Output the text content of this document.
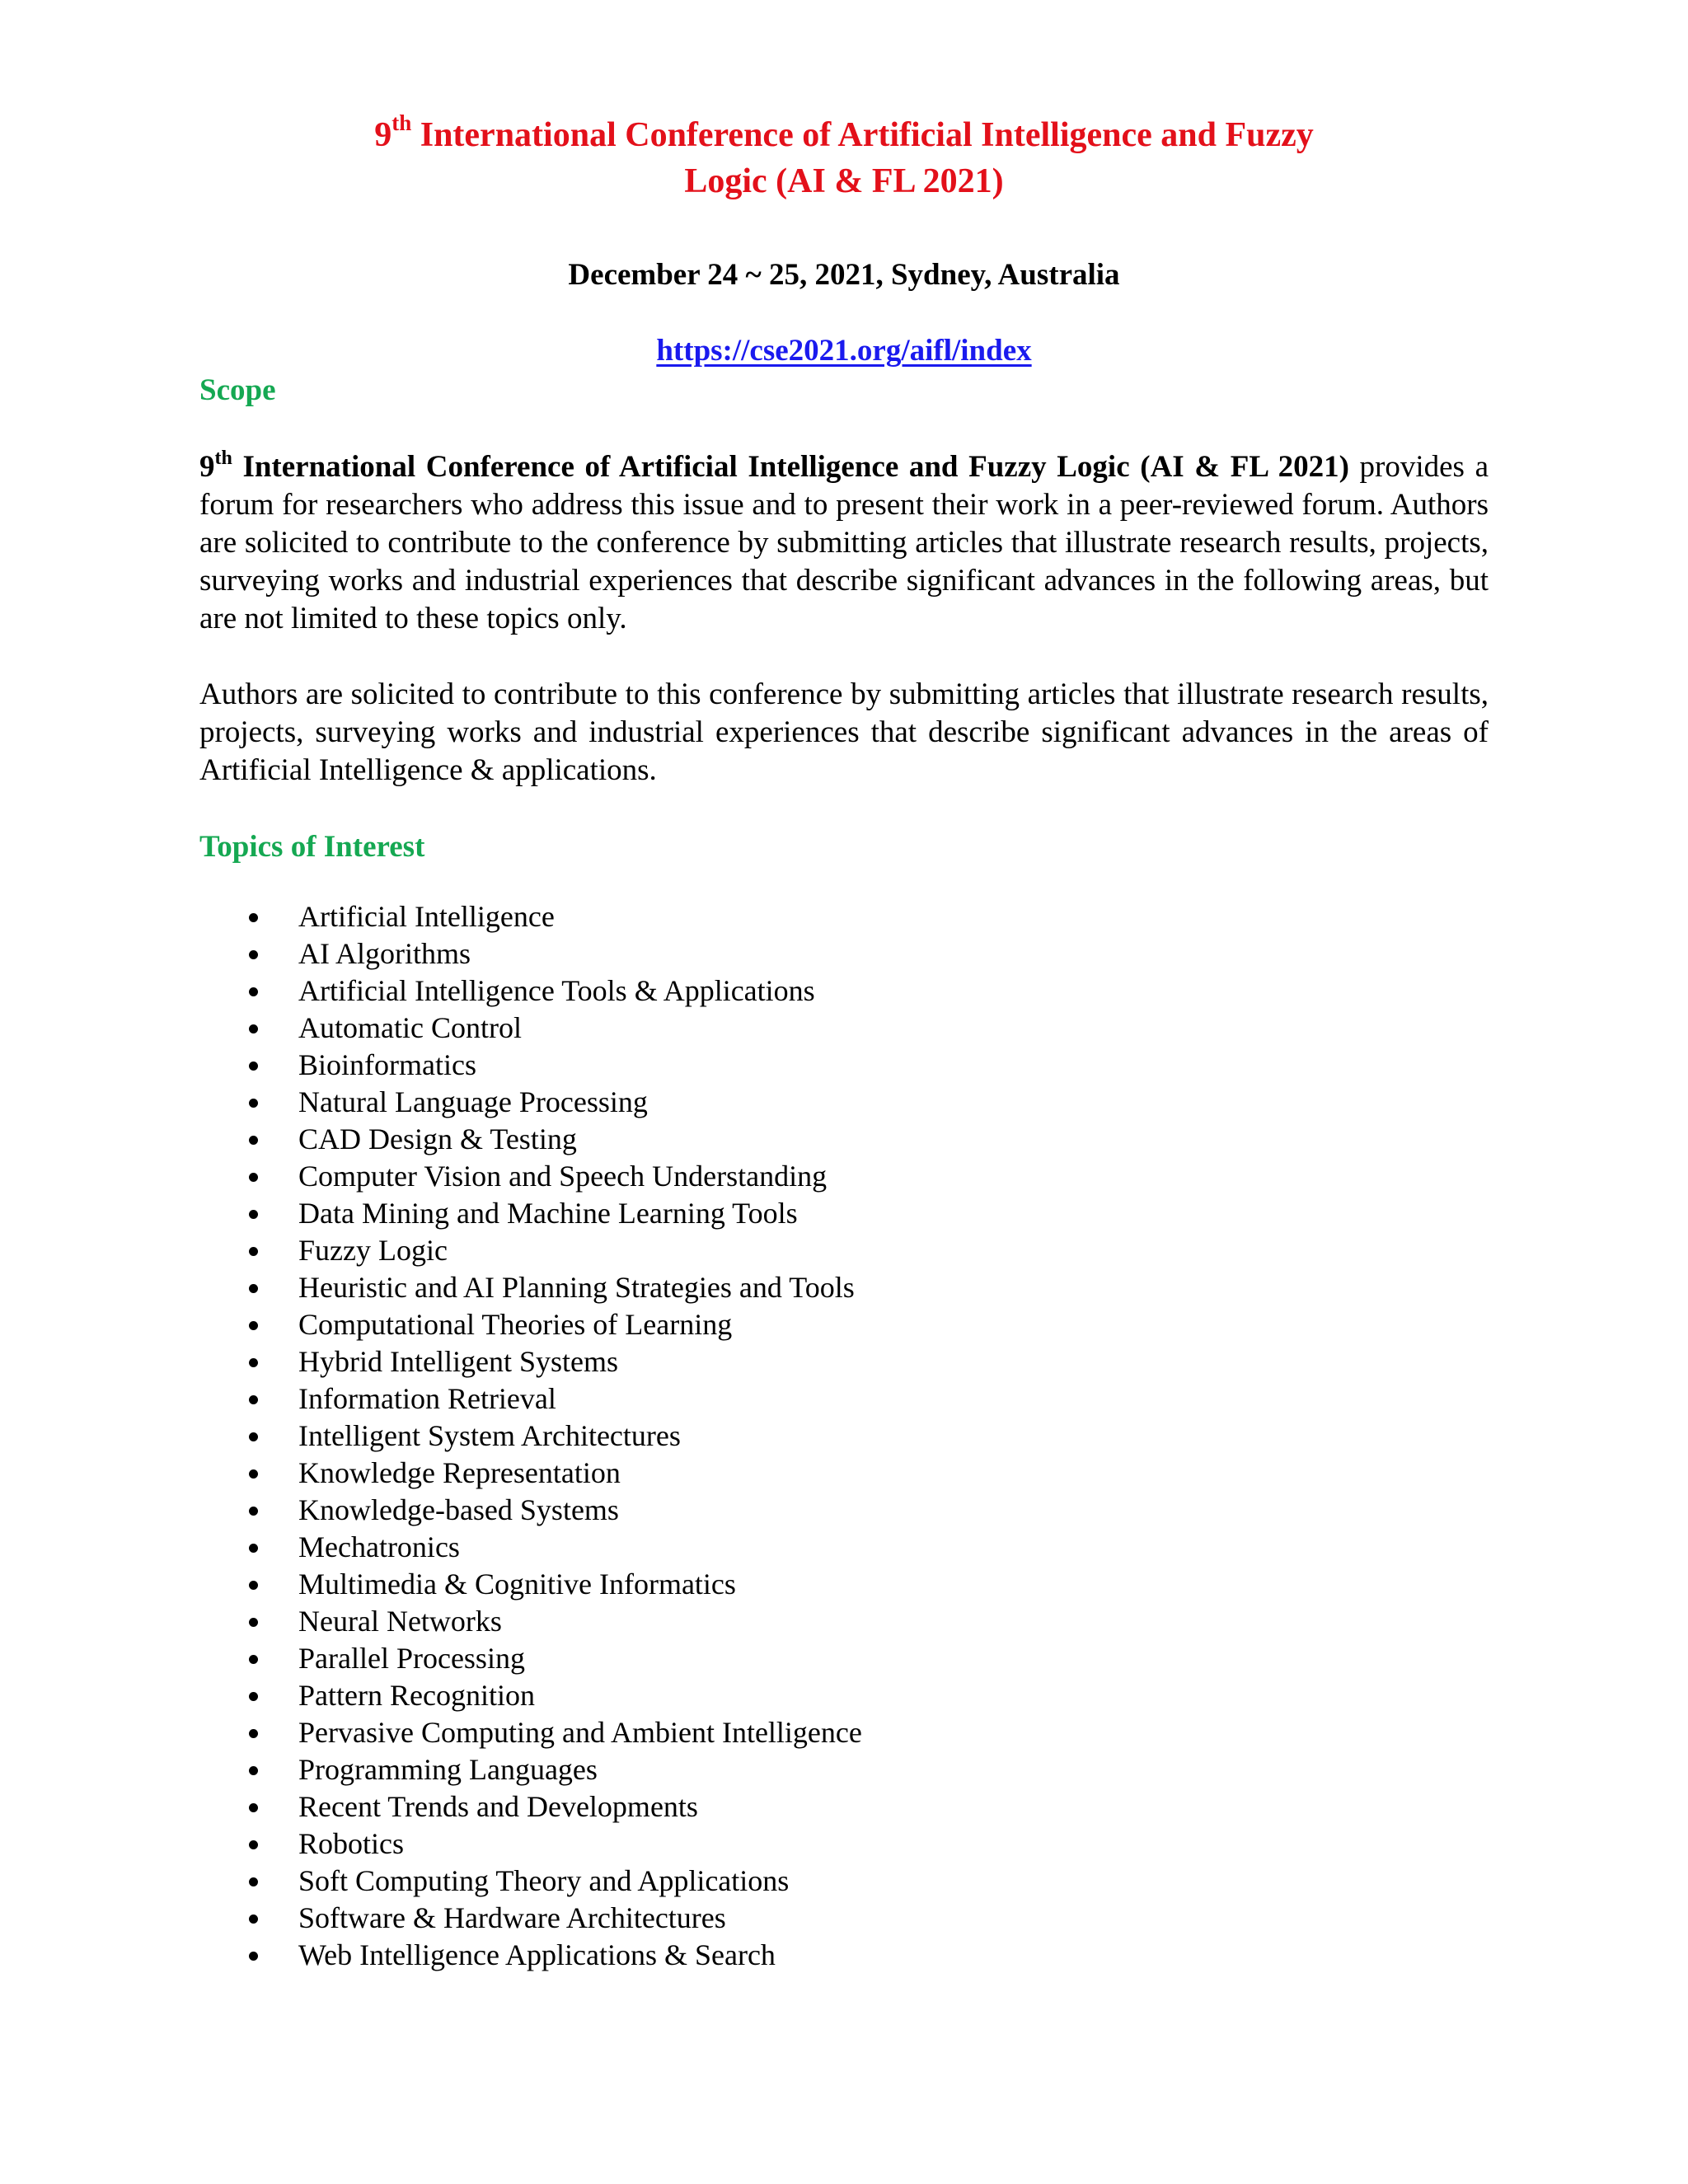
9th International Conference of Artificial Intelligence and Fuzzy
Logic (AI & FL 2021)

December 24 ~ 25, 2021, Sydney, Australia

https://cse2021.org/aifl/index

Scope

9th International Conference of Artificial Intelligence and Fuzzy Logic (AI & FL 2021) provides a forum for researchers who address this issue and to present their work in a peer-reviewed forum. Authors are solicited to contribute to the conference by submitting articles that illustrate research results, projects, surveying works and industrial experiences that describe significant advances in the following areas, but are not limited to these topics only.

Authors are solicited to contribute to this conference by submitting articles that illustrate research results, projects, surveying works and industrial experiences that describe significant advances in the areas of Artificial Intelligence & applications.

Topics of Interest
Artificial Intelligence
AI Algorithms
Artificial Intelligence Tools & Applications
Automatic Control
Bioinformatics
Natural Language Processing
CAD Design & Testing
Computer Vision and Speech Understanding
Data Mining and Machine Learning Tools
Fuzzy Logic
Heuristic and AI Planning Strategies and Tools
Computational Theories of Learning
Hybrid Intelligent Systems
Information Retrieval
Intelligent System Architectures
Knowledge Representation
Knowledge-based Systems
Mechatronics
Multimedia & Cognitive Informatics
Neural Networks
Parallel Processing
Pattern Recognition
Pervasive Computing and Ambient Intelligence
Programming Languages
Recent Trends and Developments
Robotics
Soft Computing Theory and Applications
Software & Hardware Architectures
Web Intelligence Applications & Search
